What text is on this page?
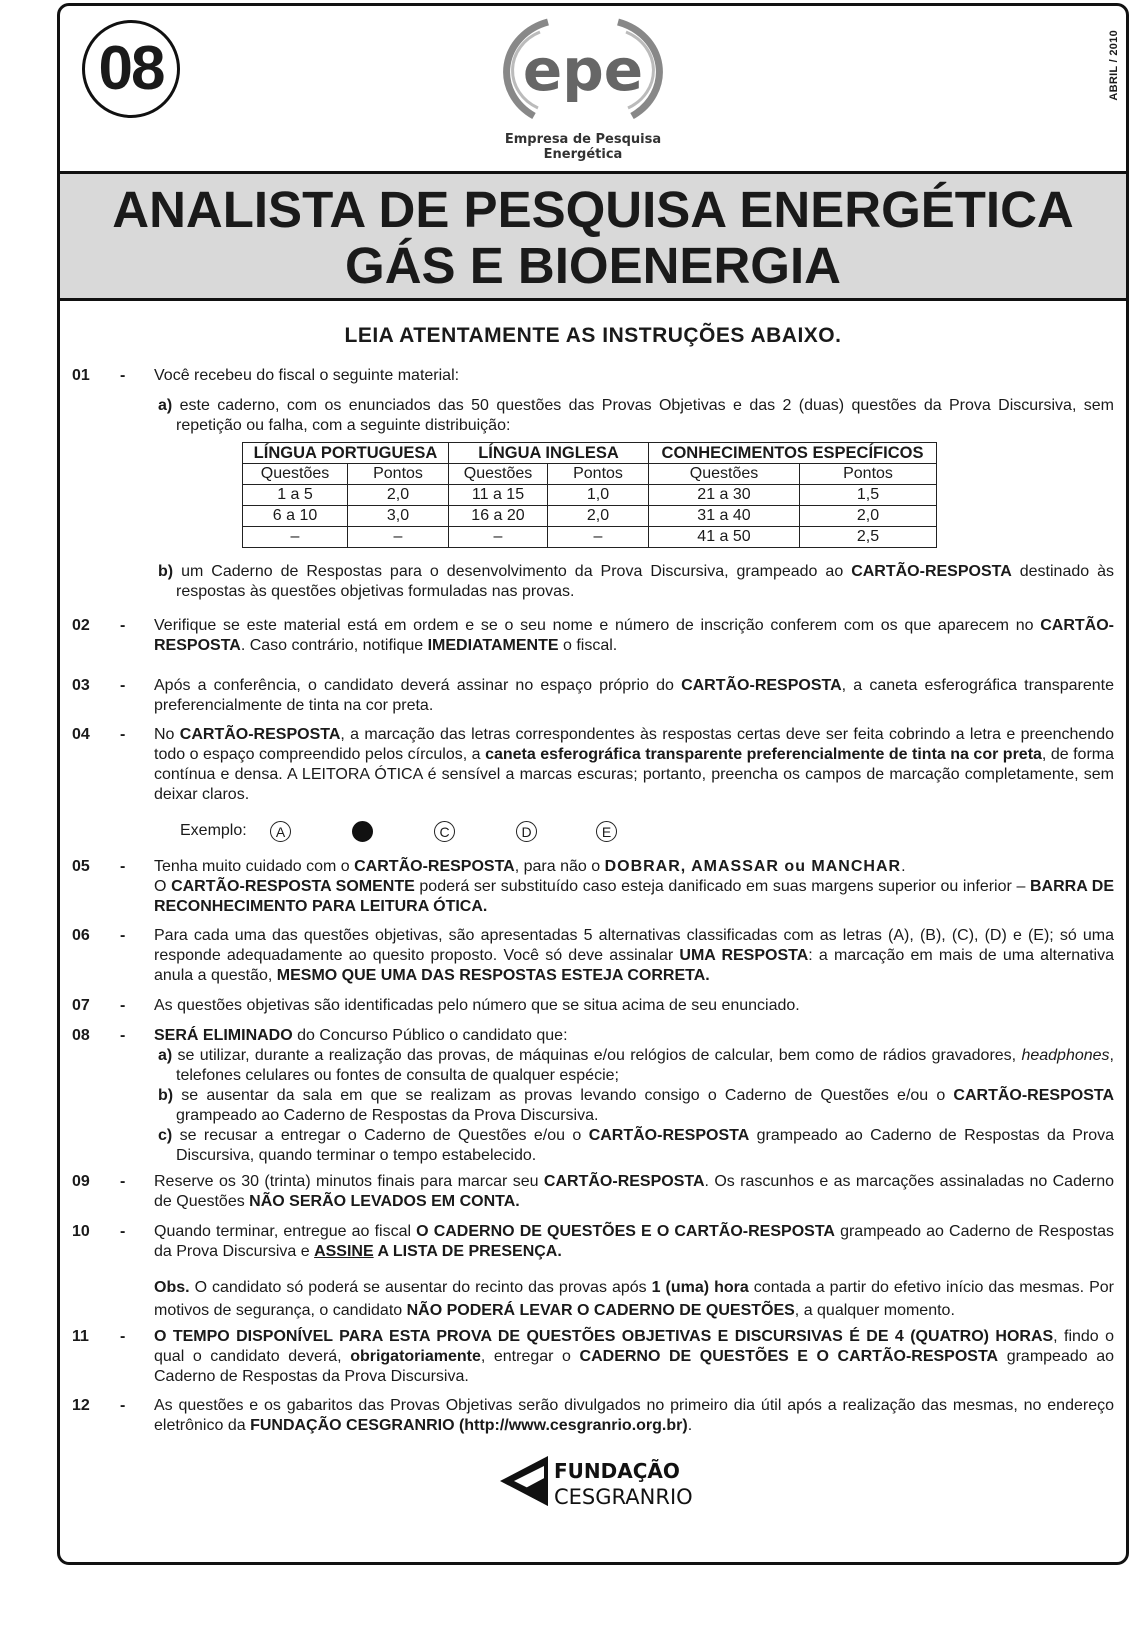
08	epe
Empresa de Pesquisa Energética
ABRIL / 2010
ANALISTA DE PESQUISA ENERGÉTICA
GÁS E BIOENERGIA
LEIA ATENTAMENTE AS INSTRUÇÕES ABAIXO.
01	- Você recebeu do fiscal o seguinte material:
a) este caderno, com os enunciados das 50 questões das Provas Objetivas e das 2 (duas) questões da Prova Discursiva, sem repetição ou falha, com a seguinte distribuição:
LÍNGUA PORTUGUESA		LÍNGUA INGLESA		CONHECIMENTOS ESPECÍFICOS	
Questões	Pontos	Questões	Pontos	Questões	Pontos
1 a 5	2,0	11 a 15	1,0	21 a 30	1,5
6 a 10	3,0	16 a 20	2,0	31 a 40	2,0
–	–	–	–	41 a 50	2,5
b) um Caderno de Respostas para o desenvolvimento da Prova Discursiva, grampeado ao CARTÃO-RESPOSTA destinado às respostas às questões objetivas formuladas nas provas.
02	- Verifique se este material está em ordem e se o seu nome e número de inscrição conferem com os que aparecem no CARTÃO-RESPOSTA. Caso contrário, notifique IMEDIATAMENTE o fiscal.
03	- Após a conferência, o candidato deverá assinar no espaço próprio do CARTÃO-RESPOSTA, a caneta esferográfica transparente preferencialmente de tinta na cor preta.
04	- No CARTÃO-RESPOSTA, a marcação das letras correspondentes às respostas certas deve ser feita cobrindo a letra e preenchendo todo o espaço compreendido pelos círculos, a caneta esferográfica transparente preferencialmente de tinta na cor preta, de forma contínua e densa. A LEITORA ÓTICA é sensível a marcas escuras; portanto, preencha os campos de marcação completamente, sem deixar claros.
Exemplo:	A	C	D	E
05	- Tenha muito cuidado com o CARTÃO-RESPOSTA, para não o DOBRAR, AMASSAR ou MANCHAR.
O CARTÃO-RESPOSTA SOMENTE poderá ser substituído caso esteja danificado em suas margens superior ou inferior – BARRA DE RECONHECIMENTO PARA LEITURA ÓTICA.
06	- Para cada uma das questões objetivas, são apresentadas 5 alternativas classificadas com as letras (A), (B), (C), (D) e (E); só uma responde adequadamente ao quesito proposto. Você só deve assinalar UMA RESPOSTA: a marcação em mais de uma alternativa anula a questão, MESMO QUE UMA DAS RESPOSTAS ESTEJA CORRETA.
07	- As questões objetivas são identificadas pelo número que se situa acima de seu enunciado.
08	- SERÁ ELIMINADO do Concurso Público o candidato que:
a) se utilizar, durante a realização das provas, de máquinas e/ou relógios de calcular, bem como de rádios gravadores, headphones, telefones celulares ou fontes de consulta de qualquer espécie;
b) se ausentar da sala em que se realizam as provas levando consigo o Caderno de Questões e/ou o CARTÃO-RESPOSTA grampeado ao Caderno de Respostas da Prova Discursiva.
c) se recusar a entregar o Caderno de Questões e/ou o CARTÃO-RESPOSTA grampeado ao Caderno de Respostas da Prova Discursiva, quando terminar o tempo estabelecido.
09	- Reserve os 30 (trinta) minutos finais para marcar seu CARTÃO-RESPOSTA. Os rascunhos e as marcações assinaladas no Caderno de Questões NÃO SERÃO LEVADOS EM CONTA.
10	- Quando terminar, entregue ao fiscal O CADERNO DE QUESTÕES E O CARTÃO-RESPOSTA grampeado ao Caderno de Respostas da Prova Discursiva e ASSINE A LISTA DE PRESENÇA.
Obs. O candidato só poderá se ausentar do recinto das provas após 1 (uma) hora contada a partir do efetivo início das mesmas. Por motivos de segurança, o candidato NÃO PODERÁ LEVAR O CADERNO DE QUESTÕES, a qualquer momento.
11	- O TEMPO DISPONÍVEL PARA ESTA PROVA DE QUESTÕES OBJETIVAS E DISCURSIVAS É DE 4 (QUATRO) HORAS, findo o qual o candidato deverá, obrigatoriamente, entregar o CADERNO DE QUESTÕES E O CARTÃO-RESPOSTA grampeado ao Caderno de Respostas da Prova Discursiva.
12	- As questões e os gabaritos das Provas Objetivas serão divulgados no primeiro dia útil após a realização das mesmas, no endereço eletrônico da FUNDAÇÃO CESGRANRIO (http://www.cesgranrio.org.br).
FUNDAÇÃO
CESGRANRIO
